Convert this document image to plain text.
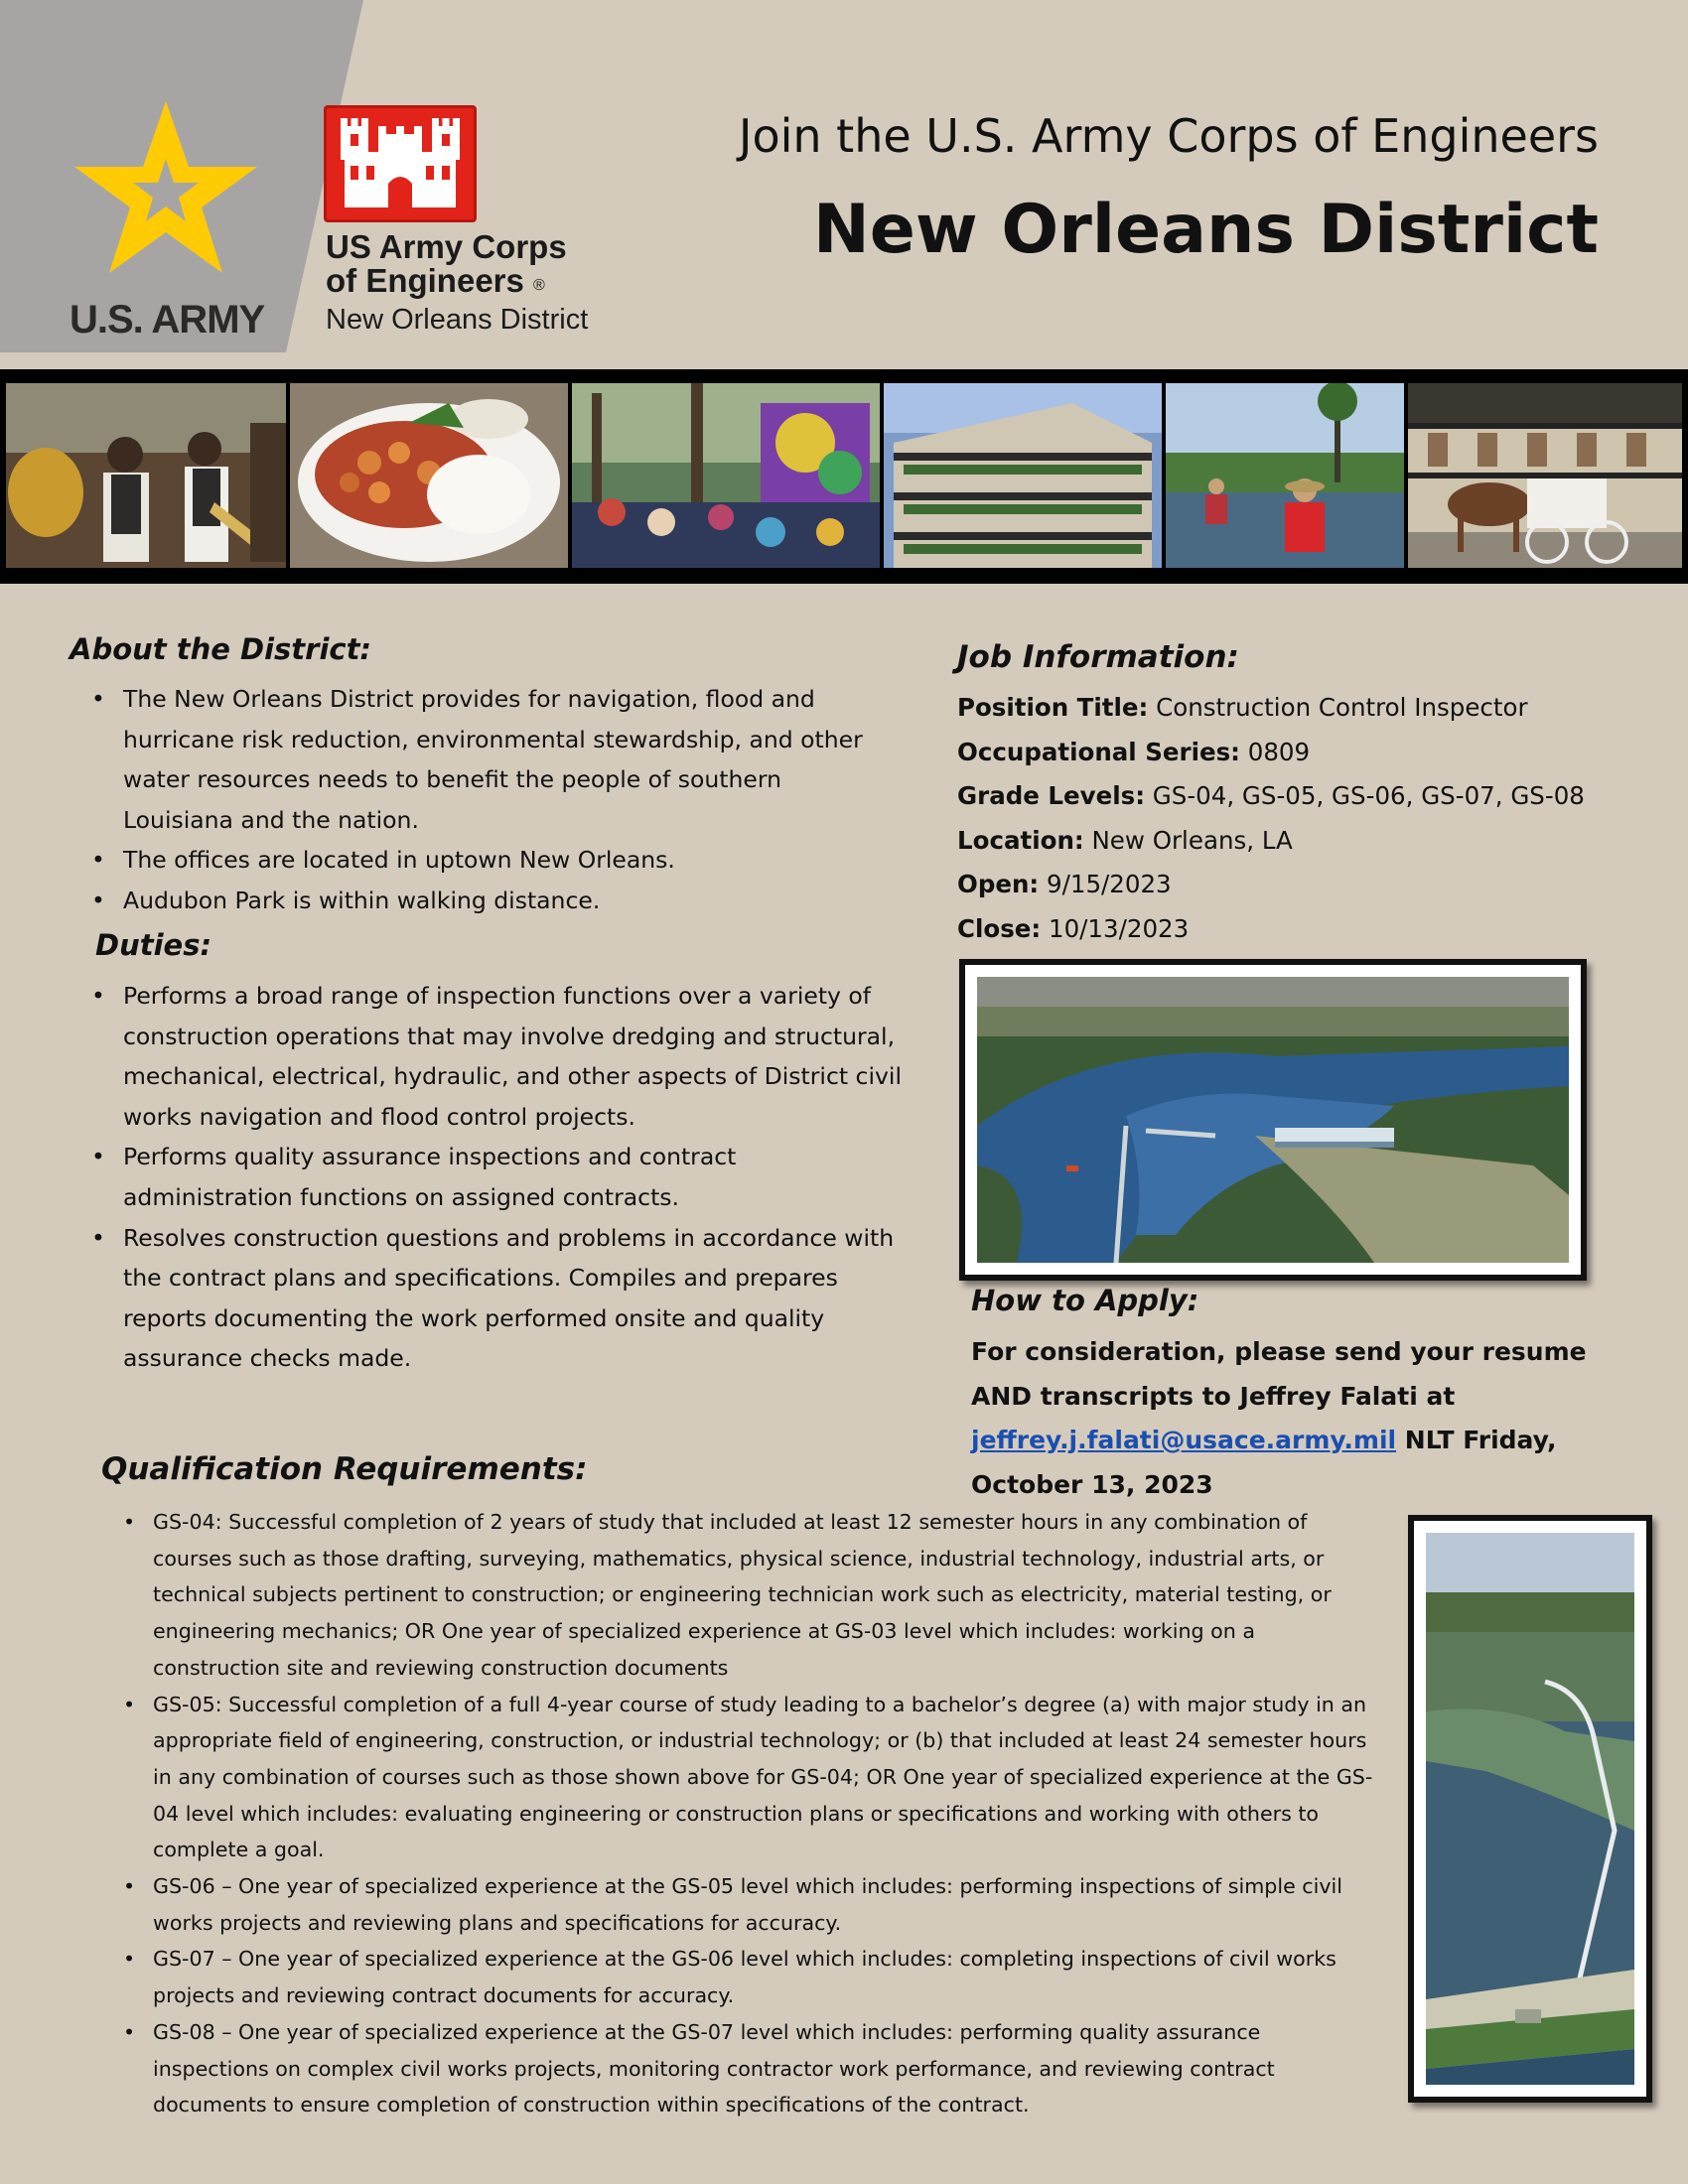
U.S. ARMY
US Army Corps
of Engineers ®
New Orleans District
Join the U.S. Army Corps of Engineers
New Orleans District
About the District:
• The New Orleans District provides for navigation, flood and hurricane risk reduction, environmental stewardship, and other water resources needs to benefit the people of southern Louisiana and the nation.
• The offices are located in uptown New Orleans.
• Audubon Park is within walking distance.
Duties:
• Performs a broad range of inspection functions over a variety of construction operations that may involve dredging and structural, mechanical, electrical, hydraulic, and other aspects of District civil works navigation and flood control projects.
• Performs quality assurance inspections and contract administration functions on assigned contracts.
• Resolves construction questions and problems in accordance with the contract plans and specifications. Compiles and prepares reports documenting the work performed onsite and quality assurance checks made.
Job Information:
Position Title: Construction Control Inspector
Occupational Series: 0809
Grade Levels: GS-04, GS-05, GS-06, GS-07, GS-08
Location: New Orleans, LA
Open: 9/15/2023
Close: 10/13/2023
How to Apply:
For consideration, please send your resume AND transcripts to Jeffrey Falati at jeffrey.j.falati@usace.army.mil NLT Friday, October 13, 2023
Qualification Requirements:
• GS-04: Successful completion of 2 years of study that included at least 12 semester hours in any combination of courses such as those drafting, surveying, mathematics, physical science, industrial technology, industrial arts, or technical subjects pertinent to construction; or engineering technician work such as electricity, material testing, or engineering mechanics; OR One year of specialized experience at GS-03 level which includes: working on a construction site and reviewing construction documents
• GS-05: Successful completion of a full 4-year course of study leading to a bachelor’s degree (a) with major study in an appropriate field of engineering, construction, or industrial technology; or (b) that included at least 24 semester hours in any combination of courses such as those shown above for GS-04; OR One year of specialized experience at the GS-04 level which includes: evaluating engineering or construction plans or specifications and working with others to complete a goal.
• GS-06 – One year of specialized experience at the GS-05 level which includes: performing inspections of simple civil works projects and reviewing plans and specifications for accuracy.
• GS-07 – One year of specialized experience at the GS-06 level which includes: completing inspections of civil works projects and reviewing contract documents for accuracy.
• GS-08 – One year of specialized experience at the GS-07 level which includes: performing quality assurance inspections on complex civil works projects, monitoring contractor work performance, and reviewing contract documents to ensure completion of construction within specifications of the contract.
